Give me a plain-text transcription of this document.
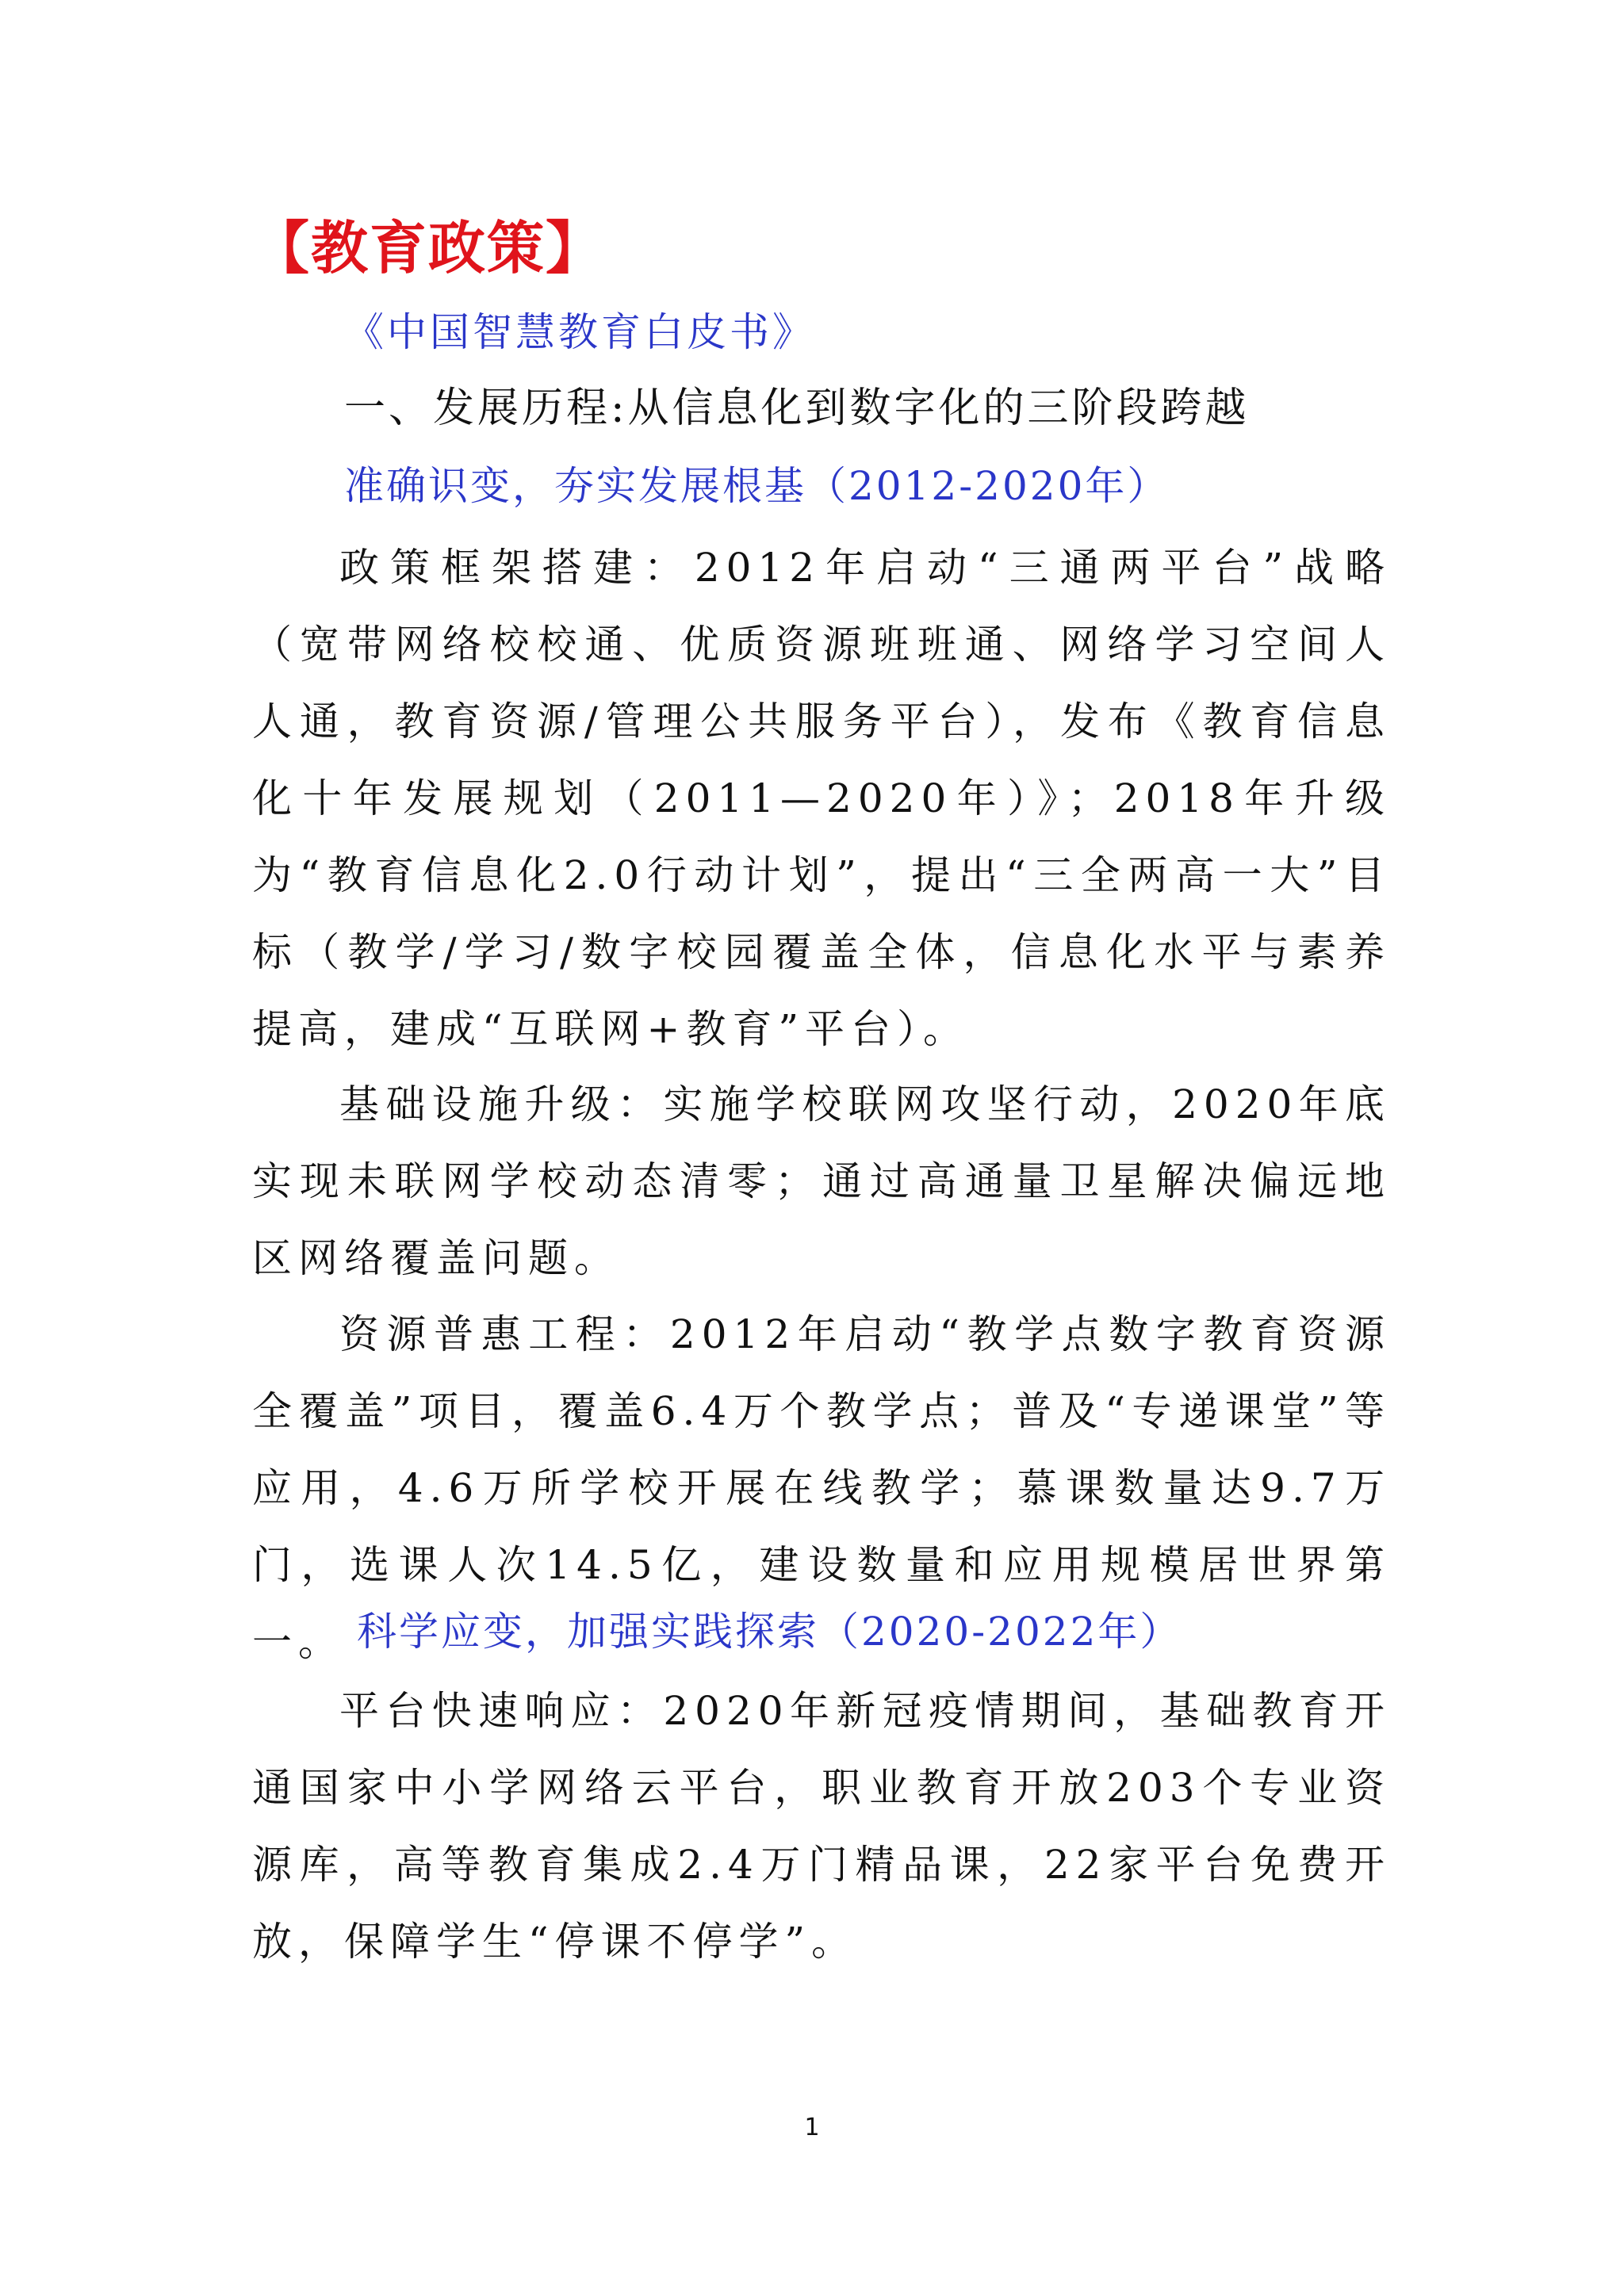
【教育政策】
《中国智慧教育白皮书》
一、发展历程:从信息化到数字化的三阶段跨越
准确识变，夯实发展根基（2012-2020年）

政策框架搭建：2012年启动“三通两平台”战略（宽带网络校校通、优质资源班班通、网络学习空间人人通，教育资源/管理公共服务平台），发布《教育信息化十年发展规划（2011—2020年）》；2018年升级为“教育信息化2.0行动计划”，提出“三全两高一大”目标（教学/学习/数字校园覆盖全体，信息化水平与素养提高，建成“互联网+教育”平台）。

基础设施升级：实施学校联网攻坚行动，2020年底实现未联网学校动态清零；通过高通量卫星解决偏远地区网络覆盖问题。

资源普惠工程：2012年启动“教学点数字教育资源全覆盖”项目，覆盖6.4万个教学点；普及“专递课堂”等应用，4.6万所学校开展在线教学；慕课数量达9.7万门，选课人次14.5亿，建设数量和应用规模居世界第一。 科学应变，加强实践探索（2020-2022年）

平台快速响应：2020年新冠疫情期间，基础教育开通国家中小学网络云平台，职业教育开放203个专业资源库，高等教育集成2.4万门精品课，22家平台免费开放，保障学生“停课不停学”。

1
